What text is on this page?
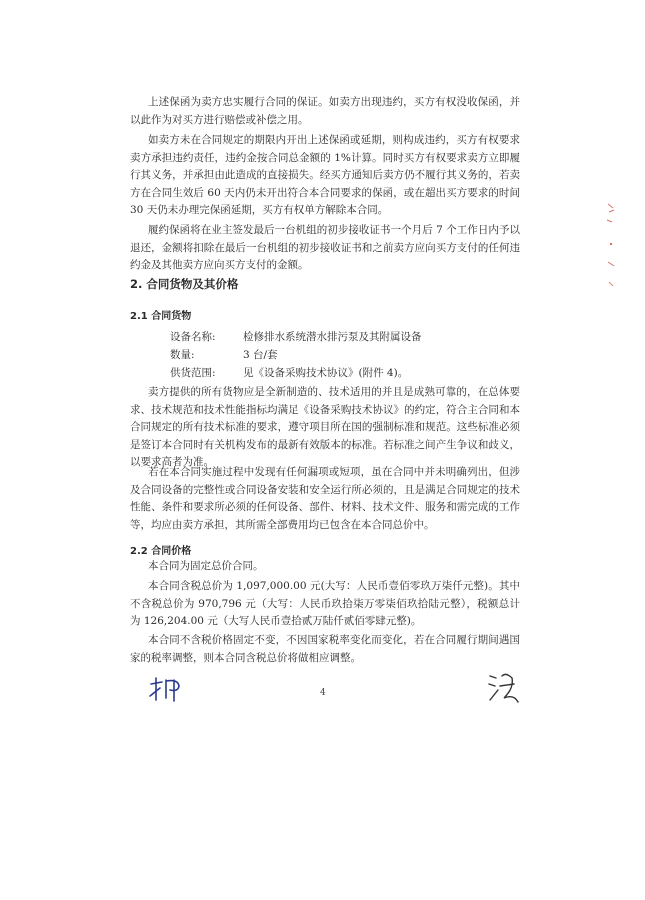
上述保函为卖方忠实履行合同的保证。如卖方出现违约，买方有权没收保函，并以此作为对买方进行赔偿或补偿之用。

如卖方未在合同规定的期限内开出上述保函或延期，则构成违约，买方有权要求卖方承担违约责任，违约金按合同总金额的 1%计算。同时买方有权要求卖方立即履行其义务，并承担由此造成的直接损失。经买方通知后卖方仍不履行其义务的，若卖方在合同生效后 60 天内仍未开出符合本合同要求的保函，或在超出买方要求的时间 30 天仍未办理完保函延期，买方有权单方解除本合同。

履约保函将在业主签发最后一台机组的初步接收证书一个月后 7 个工作日内予以退还，金额将扣除在最后一台机组的初步接收证书和之前卖方应向买方支付的任何违约金及其他卖方应向买方支付的金额。

2. 合同货物及其价格
2.1 合同货物
设备名称:	检修排水系统潜水排污泵及其附属设备
数量:	3 台/套
供货范围:	见《设备采购技术协议》(附件 4)。

卖方提供的所有货物应是全新制造的、技术适用的并且是成熟可靠的，在总体要求、技术规范和技术性能指标均满足《设备采购技术协议》的约定，符合主合同和本合同规定的所有技术标准的要求，遵守项目所在国的强制标准和规范。这些标准必须是签订本合同时有关机构发布的最新有效版本的标准。若标准之间产生争议和歧义，以要求高者为准。

若在本合同实施过程中发现有任何漏项或短项，虽在合同中并未明确列出，但涉及合同设备的完整性或合同设备安装和安全运行所必须的，且是满足合同规定的技术性能、条件和要求所必须的任何设备、部件、材料、技术文件、服务和需完成的工作等，均应由卖方承担，其所需全部费用均已包含在本合同总价中。

2.2 合同价格

本合同为固定总价合同。

本合同含税总价为 1,097,000.00 元(大写：人民币壹佰零玖万柒仟元整)。其中不含税总价为 970,796 元（大写：人民币玖拾柒万零柒佰玖拾陆元整），税额总计为 126,204.00 元（大写人民币壹拾贰万陆仟贰佰零肆元整)。

本合同不含税价格固定不变，不因国家税率变化而变化，若在合同履行期间遇国家的税率调整，则本合同含税总价将做相应调整。

4
